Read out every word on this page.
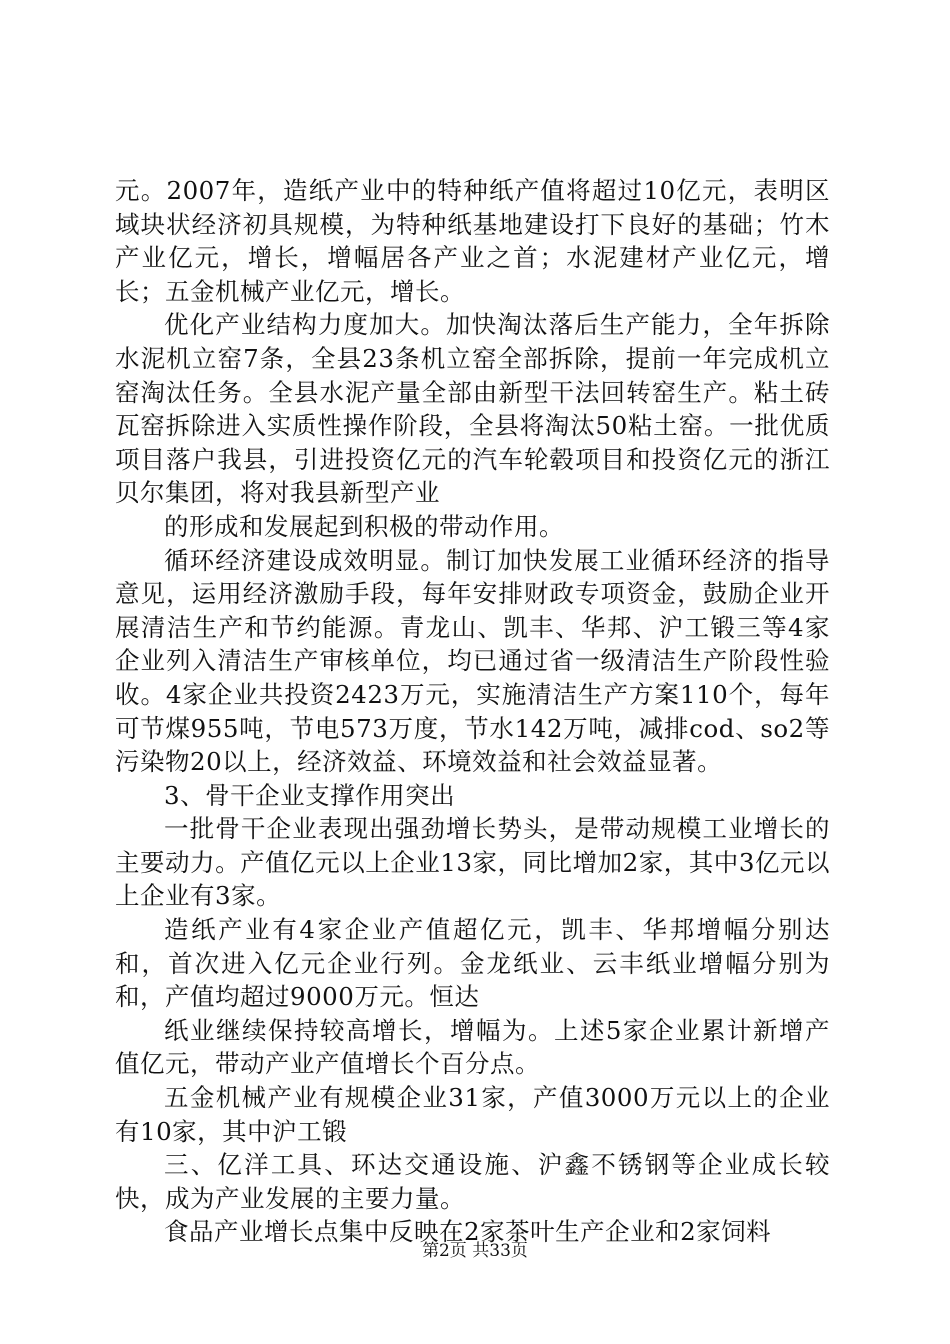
元。2007年，造纸产业中的特种纸产值将超过10亿元，表明区域块状经济初具规模，为特种纸基地建设打下良好的基础；竹木产业亿元，增长，增幅居各产业之首；水泥建材产业亿元，增长；五金机械产业亿元，增长。

优化产业结构力度加大。加快淘汰落后生产能力，全年拆除水泥机立窑7条，全县23条机立窑全部拆除，提前一年完成机立窑淘汰任务。全县水泥产量全部由新型干法回转窑生产。粘土砖瓦窑拆除进入实质性操作阶段，全县将淘汰50粘土窑。一批优质项目落户我县，引进投资亿元的汽车轮毂项目和投资亿元的浙江贝尔集团，将对我县新型产业

的形成和发展起到积极的带动作用。

循环经济建设成效明显。制订加快发展工业循环经济的指导意见，运用经济激励手段，每年安排财政专项资金，鼓励企业开展清洁生产和节约能源。青龙山、凯丰、华邦、沪工锻三等4家企业列入清洁生产审核单位，均已通过省一级清洁生产阶段性验收。4家企业共投资2423万元，实施清洁生产方案110个，每年可节煤955吨，节电573万度，节水142万吨，减排cod、so2等污染物20以上，经济效益、环境效益和社会效益显著。

3、骨干企业支撑作用突出

一批骨干企业表现出强劲增长势头，是带动规模工业增长的主要动力。产值亿元以上企业13家，同比增加2家，其中3亿元以上企业有3家。

造纸产业有4家企业产值超亿元，凯丰、华邦增幅分别达和，首次进入亿元企业行列。金龙纸业、云丰纸业增幅分别为和，产值均超过9000万元。恒达

纸业继续保持较高增长，增幅为。上述5家企业累计新增产值亿元，带动产业产值增长个百分点。

五金机械产业有规模企业31家，产值3000万元以上的企业有10家，其中沪工锻

三、亿洋工具、环达交通设施、沪鑫不锈钢等企业成长较快，成为产业发展的主要力量。

食品产业增长点集中反映在2家茶叶生产企业和2家饲料

第2页 共33页
